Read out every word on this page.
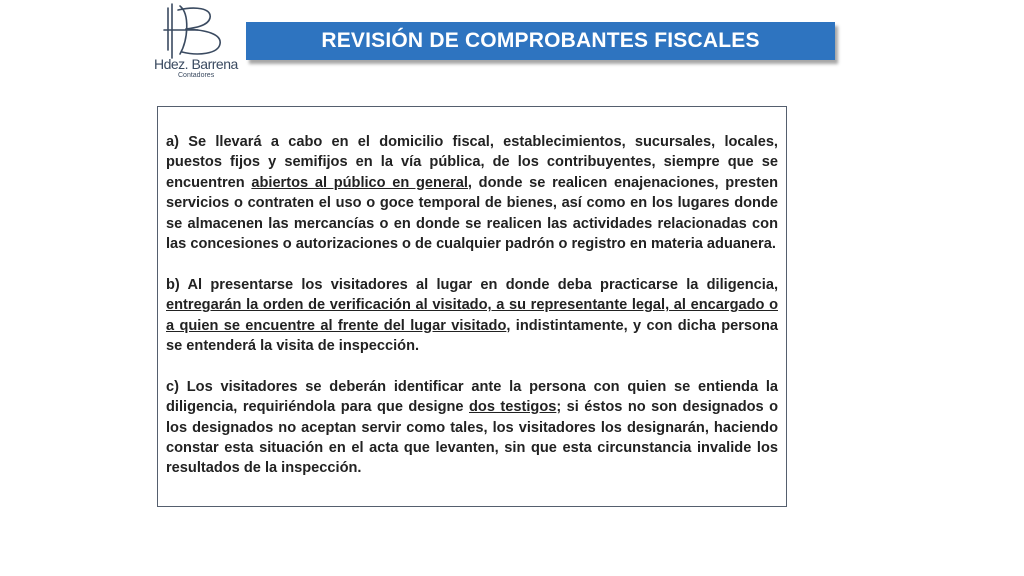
Hdez. Barrena
Contadores
REVISIÓN DE COMPROBANTES FISCALES

a) Se llevará a cabo en el domicilio fiscal, establecimientos, sucursales, locales, puestos fijos y semifijos en la vía pública, de los contribuyentes, siempre que se encuentren abiertos al público en general, donde se realicen enajenaciones, presten servicios o contraten el uso o goce temporal de bienes, así como en los lugares donde se almacenen las mercancías o en donde se realicen las actividades relacionadas con las concesiones o autorizaciones o de cualquier padrón o registro en materia aduanera.

b) Al presentarse los visitadores al lugar en donde deba practicarse la diligencia, entregarán la orden de verificación al visitado, a su representante legal, al encargado o a quien se encuentre al frente del lugar visitado, indistintamente, y con dicha persona se entenderá la visita de inspección.

c) Los visitadores se deberán identificar ante la persona con quien se entienda la diligencia, requiriéndola para que designe dos testigos; si éstos no son designados o los designados no aceptan servir como tales, los visitadores los designarán, haciendo constar esta situación en el acta que levanten, sin que esta circunstancia invalide los resultados de la inspección.
